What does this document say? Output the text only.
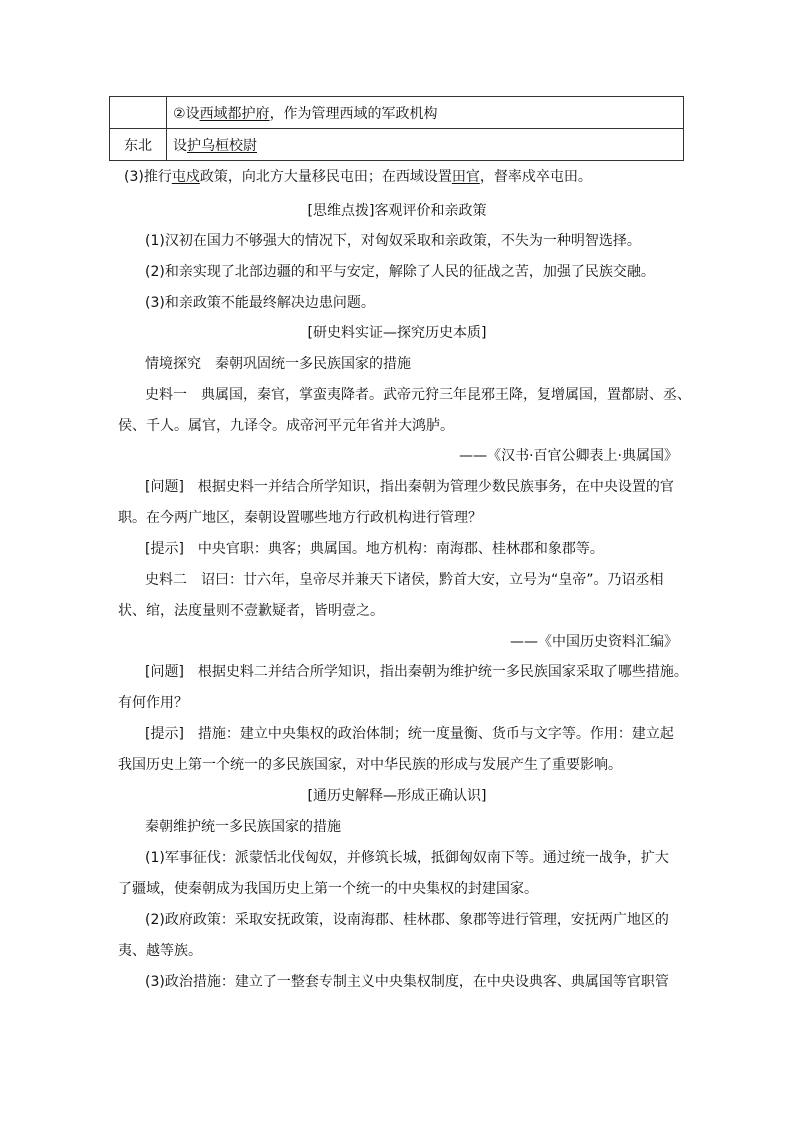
	②设西域都护府，作为管理西域的军政机构
东北	设护乌桓校尉
(3)推行屯戍政策，向北方大量移民屯田；在西域设置田官，督率戍卒屯田。
[思维点拨]客观评价和亲政策
(1)汉初在国力不够强大的情况下，对匈奴采取和亲政策，不失为一种明智选择。
(2)和亲实现了北部边疆的和平与安定，解除了人民的征战之苦，加强了民族交融。
(3)和亲政策不能最终解决边患问题。
[研史料实证—探究历史本质]
情境探究　秦朝巩固统一多民族国家的措施
史料一　典属国，秦官，掌蛮夷降者。武帝元狩三年昆邪王降，复增属国，置都尉、丞、
侯、千人。属官，九译令。成帝河平元年省并大鸿胪。
——《汉书·百官公卿表上·典属国》
[问题]　根据史料一并结合所学知识，指出秦朝为管理少数民族事务，在中央设置的官
职。在今两广地区，秦朝设置哪些地方行政机构进行管理？
[提示]　中央官职：典客；典属国。地方机构：南海郡、桂林郡和象郡等。
史料二　诏曰：廿六年，皇帝尽并兼天下诸侯，黔首大安，立号为“皇帝”。乃诏丞相
状、绾，法度量则不壹歉疑者，皆明壹之。
——《中国历史资料汇编》
[问题]　根据史料二并结合所学知识，指出秦朝为维护统一多民族国家采取了哪些措施。
有何作用？
[提示]　措施：建立中央集权的政治体制；统一度量衡、货币与文字等。作用：建立起
我国历史上第一个统一的多民族国家，对中华民族的形成与发展产生了重要影响。
[通历史解释—形成正确认识]
秦朝维护统一多民族国家的措施
(1)军事征伐：派蒙恬北伐匈奴，并修筑长城，抵御匈奴南下等。通过统一战争，扩大
了疆域，使秦朝成为我国历史上第一个统一的中央集权的封建国家。
(2)政府政策：采取安抚政策，设南海郡、桂林郡、象郡等进行管理，安抚两广地区的
夷、越等族。
(3)政治措施：建立了一整套专制主义中央集权制度，在中央设典客、典属国等官职管
